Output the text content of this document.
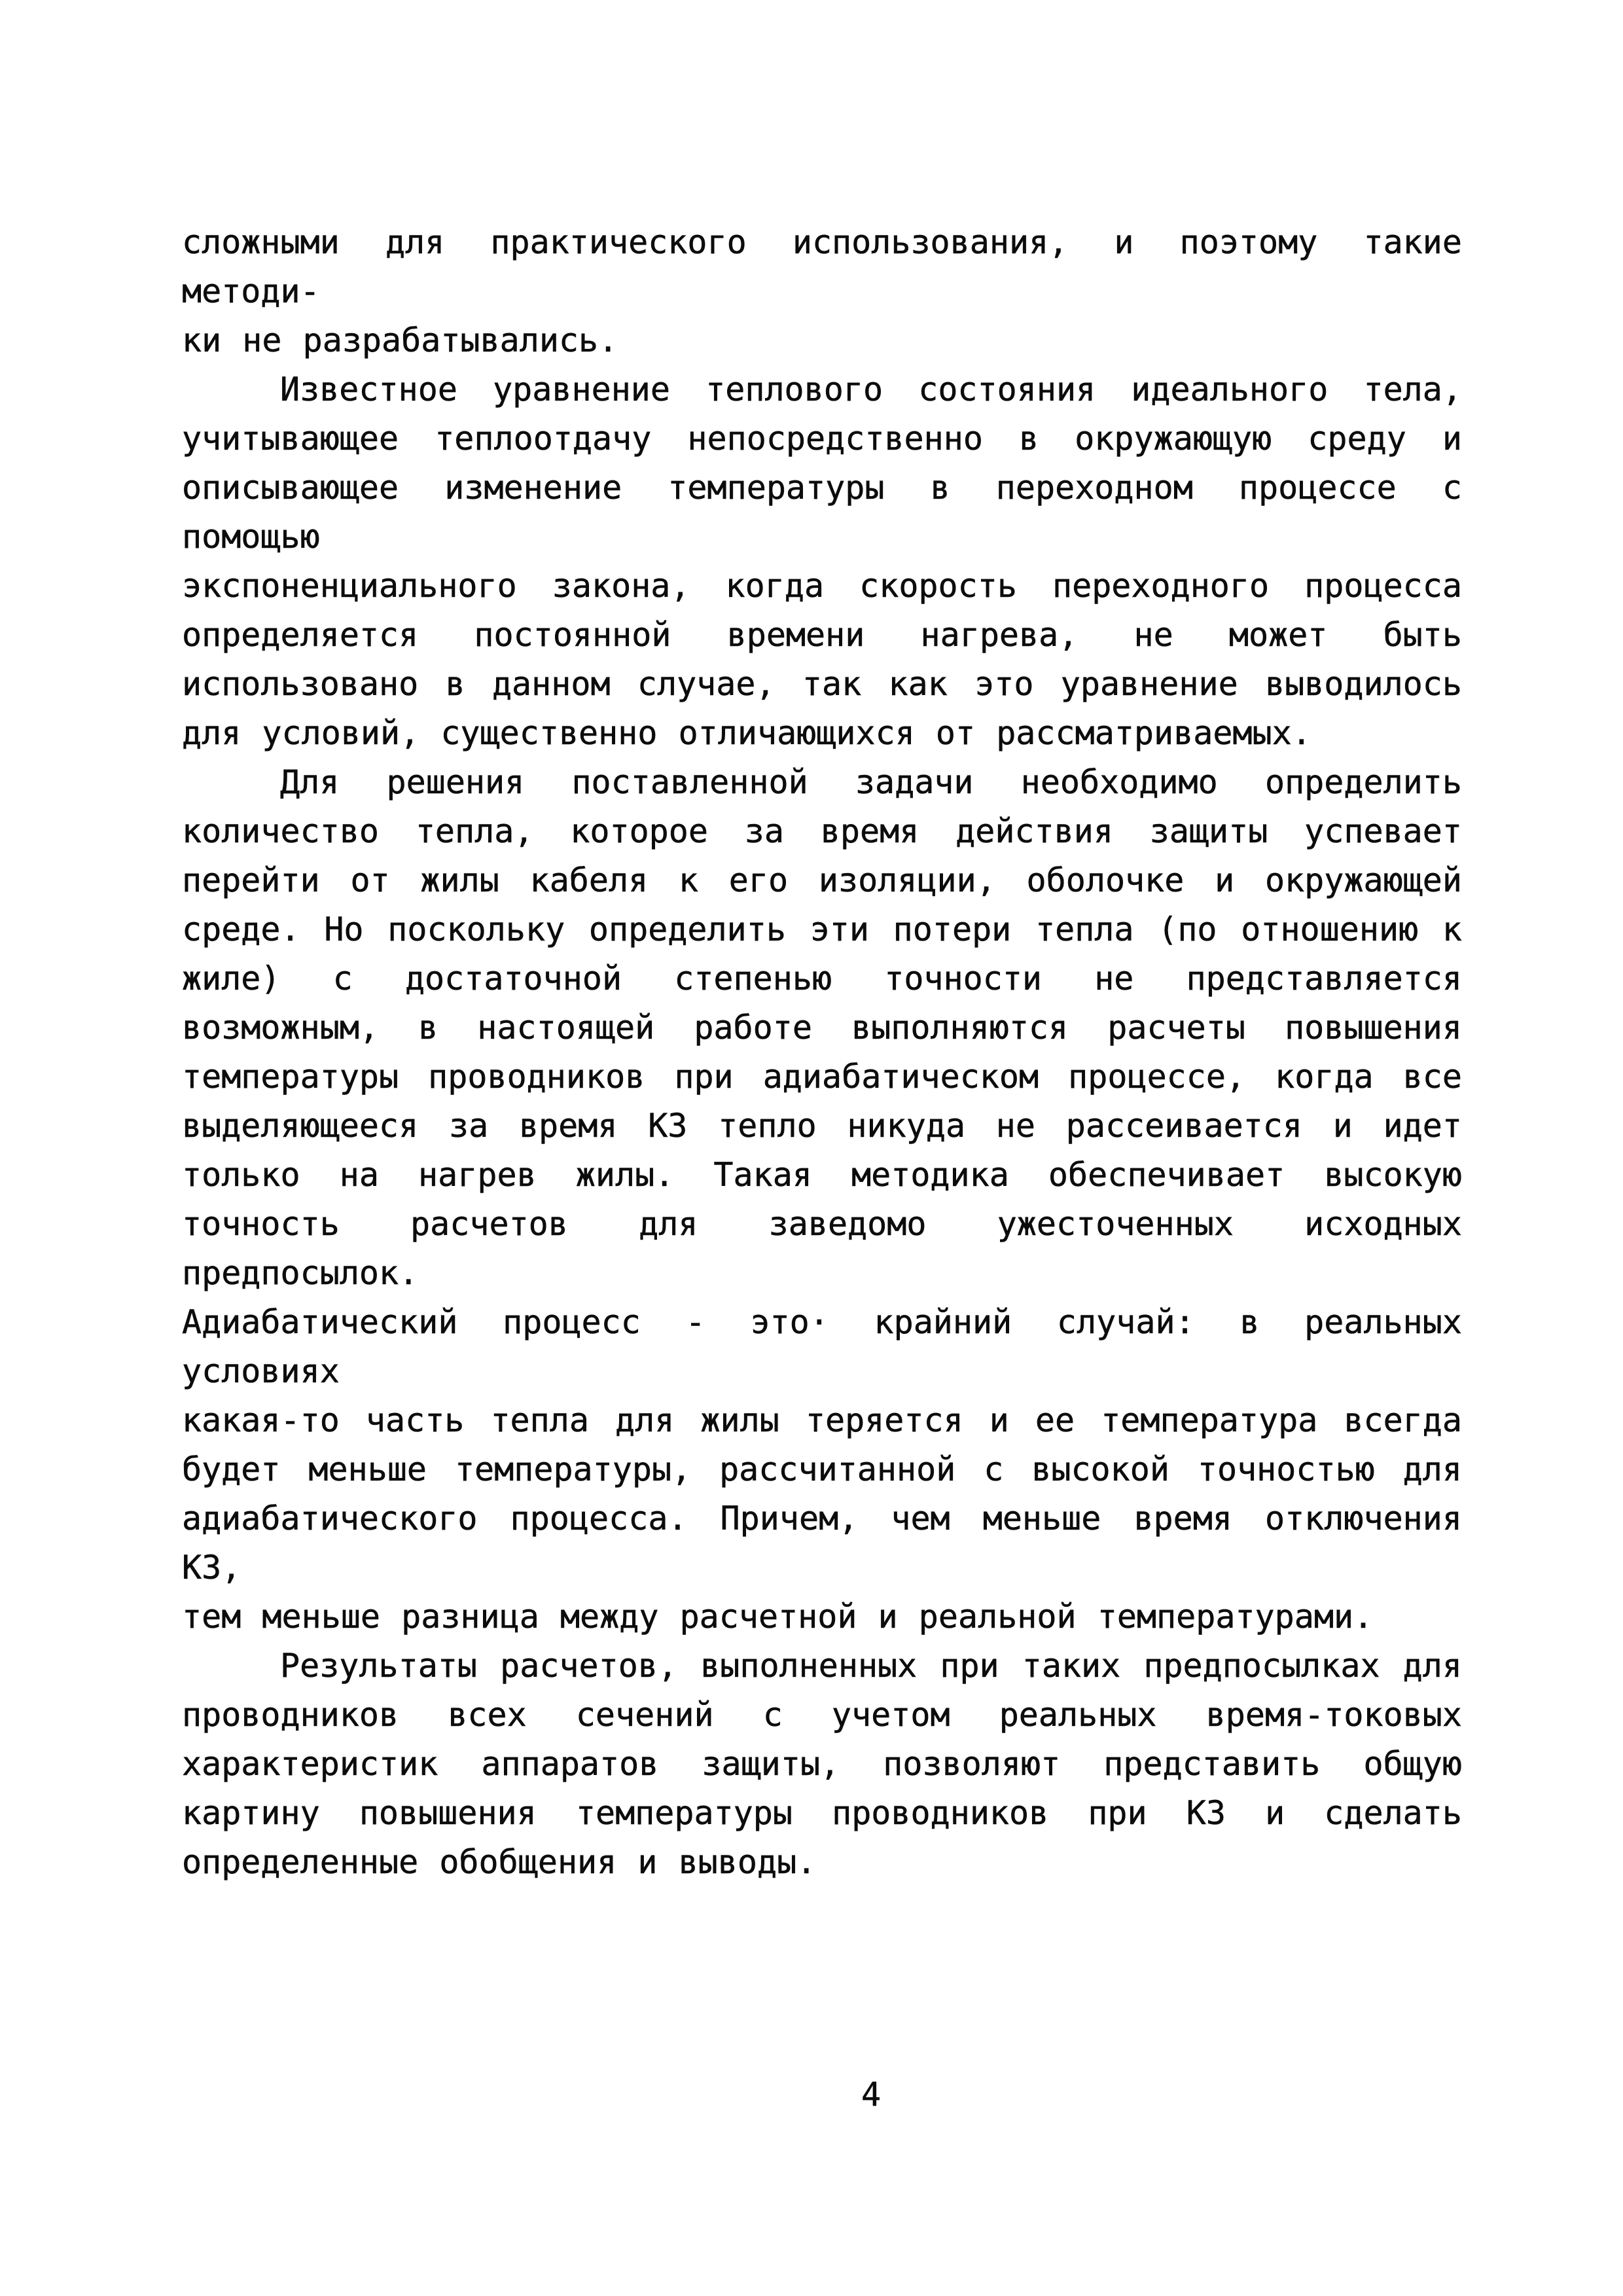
сложными для практического использования, и поэтому такие методи-

ки не разрабатывались.

Известное уравнение теплового состояния идеального тела,

учитывающее теплоотдачу непосредственно в окружающую среду и

описывающее изменение температуры в переходном процессе с помощью

экспоненциального закона, когда скорость переходного процесса

определяется постоянной времени нагрева, не может быть

использовано в данном случае, так как это уравнение выводилось

для условий, существенно отличающихся от рассматриваемых.

Для решения поставленной задачи необходимо определить

количество тепла, которое за время действия защиты успевает

перейти от жилы кабеля к его изоляции, оболочке и окружающей

среде. Но поскольку определить эти потери тепла (по отношению к

жиле) с достаточной степенью точности не представляется

возможным, в настоящей работе выполняются расчеты повышения

температуры проводников при адиабатическом процессе, когда все

выделяющееся за время КЗ тепло никуда не рассеивается и идет

только на нагрев жилы. Такая методика обеспечивает высокую

точность расчетов для заведомо ужесточенных исходных предпосылок.

Адиабатический процесс - это· крайний случай: в реальных условиях

какая-то часть тепла для жилы теряется и ее температура всегда

будет меньше температуры, рассчитанной с высокой точностью для

адиабатического процесса. Причем, чем меньше время отключения КЗ,

тем меньше разница между расчетной и реальной температурами.

Результаты расчетов, выполненных при таких предпосылках для

проводников всех сечений с учетом реальных время-токовых

характеристик аппаратов защиты, позволяют представить общую

картину повышения температуры проводников при КЗ и сделать

определенные обобщения и выводы.

4
